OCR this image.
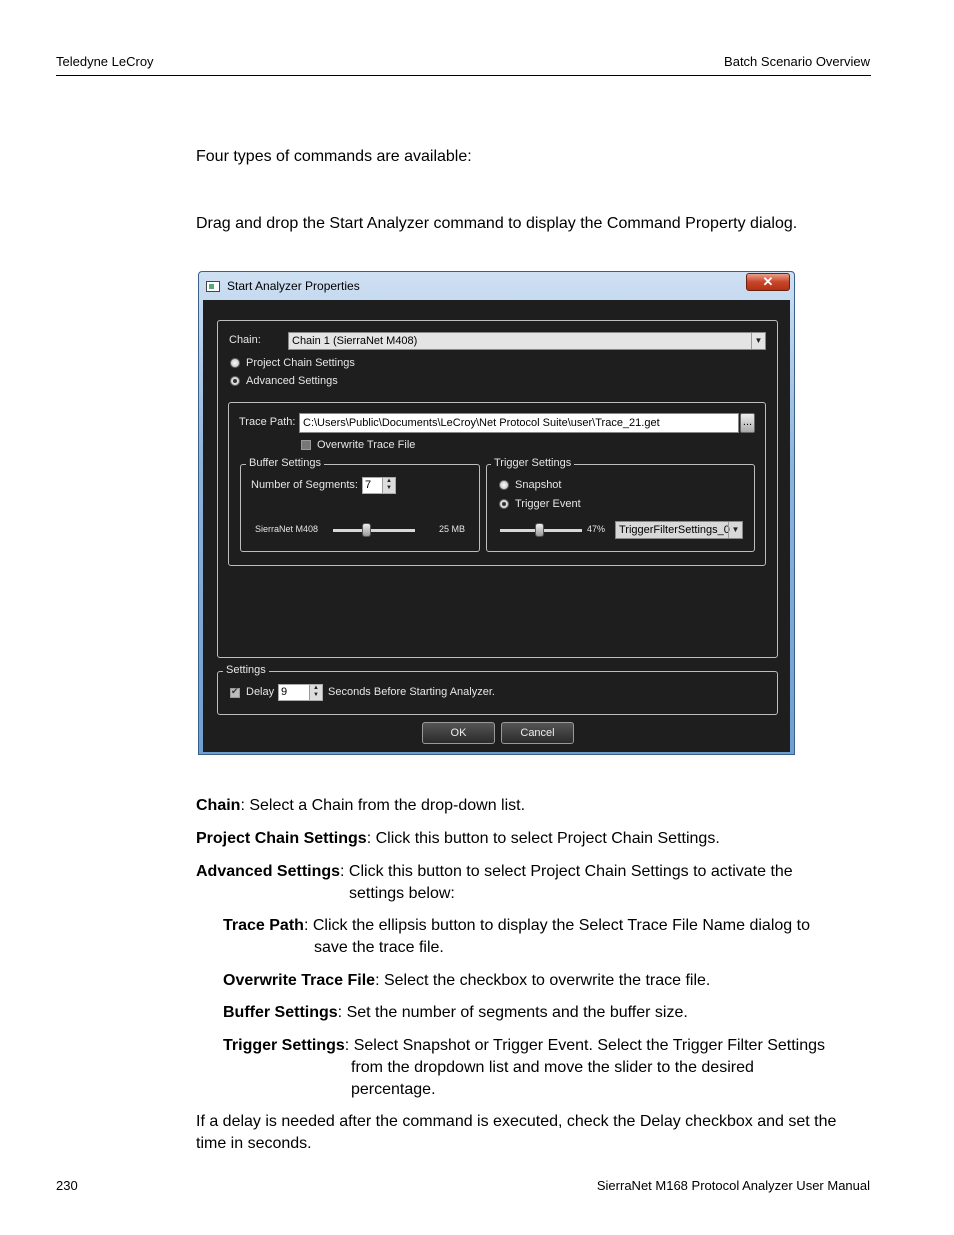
Teledyne LeCroy	Batch Scenario Overview
Four types of commands are available:
Drag and drop the Start Analyzer command to display the Command Property dialog.
Start Analyzer Properties	✕
Chain:	Chain 1 (SierraNet M408)	▼
Project Chain Settings
Advanced Settings
Trace Path: C:\Users\Public\Documents\LeCroy\Net Protocol Suite\user\Trace_21.get	...
Overwrite Trace File
Buffer Settings
Number of Segments: 7	▲
▼
SierraNet M408	25 MB
Trigger Settings
Snapshot
Trigger Event
47%	TriggerFilterSettings_0 ▼
Settings
✔
Delay 9	▲
▼ Seconds Before Starting Analyzer.
OK	Cancel
Chain: Select a Chain from the drop-down list.
Project Chain Settings: Click this button to select Project Chain Settings.
Advanced Settings: Click this button to select Project Chain Settings to activate the
settings below:
Trace Path: Click the ellipsis button to display the Select Trace File Name dialog to
save the trace file.
Overwrite Trace File: Select the checkbox to overwrite the trace file.
Buffer Settings: Set the number of segments and the buffer size.
Trigger Settings: Select Snapshot or Trigger Event. Select the Trigger Filter Settings
from the dropdown list and move the slider to the desired
percentage.
If a delay is needed after the command is executed, check the Delay checkbox and set the
time in seconds.
230	SierraNet M168 Protocol Analyzer User Manual
